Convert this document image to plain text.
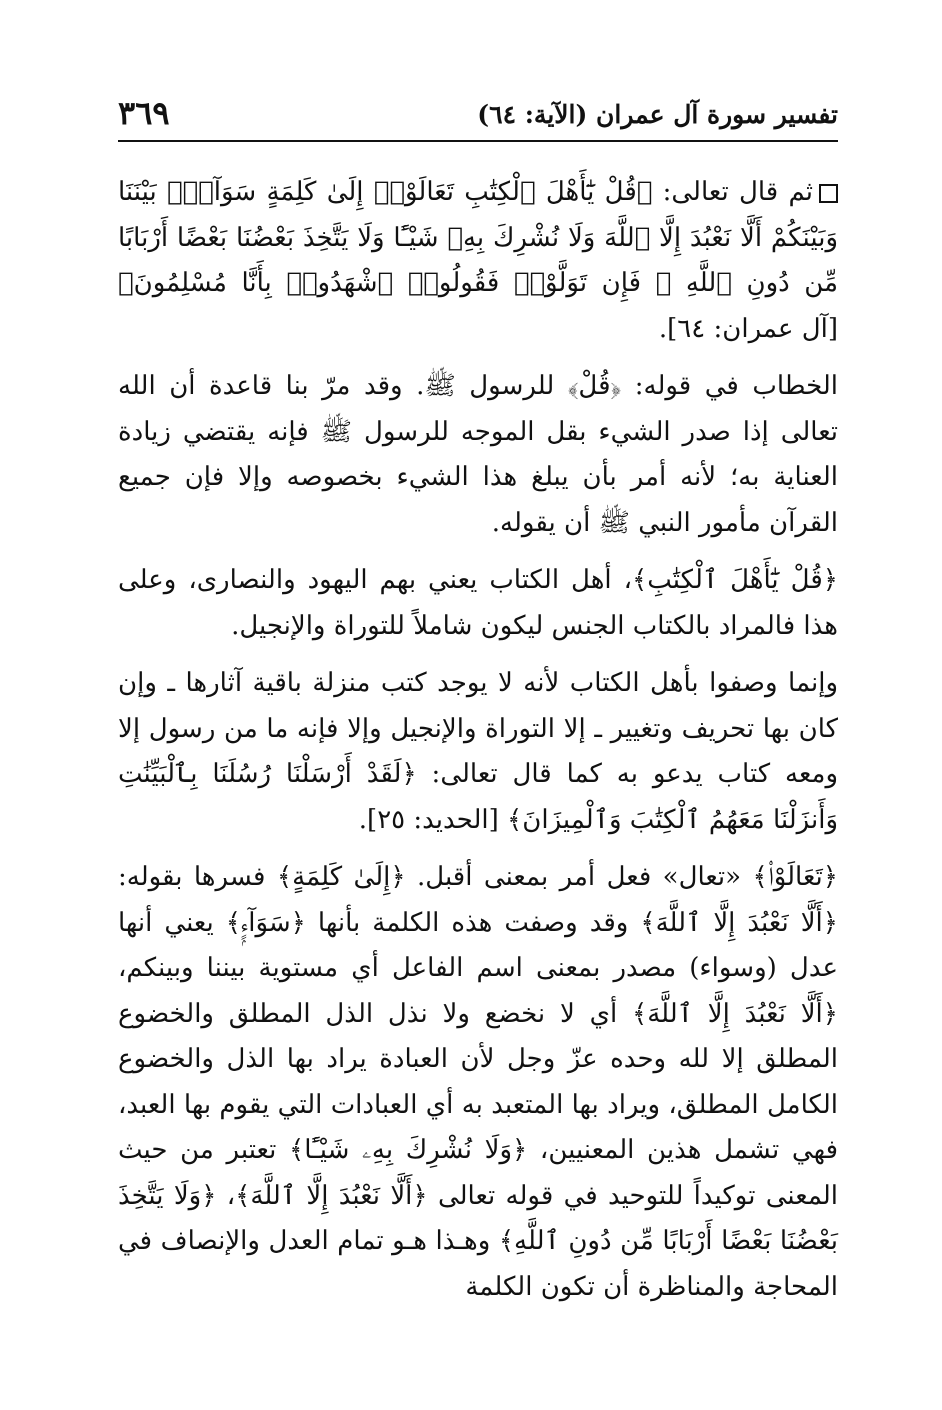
تفسير سورة آل عمران (الآية: ٦٤)
٣٦٩

ثم قال تعالى: ﴿قُلْ يَٰٓأَهْلَ ٱلْكِتَٰبِ تَعَالَوْا۟ إِلَىٰ كَلِمَةٍ سَوَآءٍۭ بَيْنَنَا وَبَيْنَكُمْ أَلَّا نَعْبُدَ إِلَّا ٱللَّهَ وَلَا نُشْرِكَ بِهِۦ شَيْـًٔا وَلَا يَتَّخِذَ بَعْضُنَا بَعْضًا أَرْبَابًا مِّن دُونِ ٱللَّهِ ۚ فَإِن تَوَلَّوْا۟ فَقُولُوا۟ ٱشْهَدُوا۟ بِأَنَّا مُسْلِمُونَ﴾ [آل عمران: ٦٤].

الخطاب في قوله: ﴿قُلْ﴾ للرسول ﷺ. وقد مرّ بنا قاعدة أن الله تعالى إذا صدر الشيء بقل الموجه للرسول ﷺ فإنه يقتضي زيادة العناية به؛ لأنه أمر بأن يبلغ هذا الشيء بخصوصه وإلا فإن جميع القرآن مأمور النبي ﷺ أن يقوله.

﴿قُلْ يَٰٓأَهْلَ ٱلْكِتَٰبِ﴾، أهل الكتاب يعني بهم اليهود والنصارى، وعلى هذا فالمراد بالكتاب الجنس ليكون شاملاً للتوراة والإنجيل.

وإنما وصفوا بأهل الكتاب لأنه لا يوجد كتب منزلة باقية آثارها ـ وإن كان بها تحريف وتغيير ـ إلا التوراة والإنجيل وإلا فإنه ما من رسول إلا ومعه كتاب يدعو به كما قال تعالى: ﴿لَقَدْ أَرْسَلْنَا رُسُلَنَا بِٱلْبَيِّنَٰتِ وَأَنزَلْنَا مَعَهُمُ ٱلْكِتَٰبَ وَٱلْمِيزَانَ﴾ [الحديد: ٢٥].

﴿تَعَالَوْا۟﴾ «تعال» فعل أمر بمعنى أقبل. ﴿إِلَىٰ كَلِمَةٍ﴾ فسرها بقوله: ﴿أَلَّا نَعْبُدَ إِلَّا ٱللَّهَ﴾ وقد وصفت هذه الكلمة بأنها ﴿سَوَآءٍۭ﴾ يعني أنها عدل (وسواء) مصدر بمعنى اسم الفاعل أي مستوية بيننا وبينكم، ﴿أَلَّا نَعْبُدَ إِلَّا ٱللَّهَ﴾ أي لا نخضع ولا نذل الذل المطلق والخضوع المطلق إلا لله وحده عزّ وجل لأن العبادة يراد بها الذل والخضوع الكامل المطلق، ويراد بها المتعبد به أي العبادات التي يقوم بها العبد، فهي تشمل هذين المعنيين، ﴿وَلَا نُشْرِكَ بِهِۦ شَيْـًٔا﴾ تعتبر من حيث المعنى توكيداً للتوحيد في قوله تعالى ﴿أَلَّا نَعْبُدَ إِلَّا ٱللَّهَ﴾، ﴿وَلَا يَتَّخِذَ بَعْضُنَا بَعْضًا أَرْبَابًا مِّن دُونِ ٱللَّهِ﴾ وهـذا هـو تمام العدل والإنصاف في المحاجة والمناظرة أن تكون الكلمة
